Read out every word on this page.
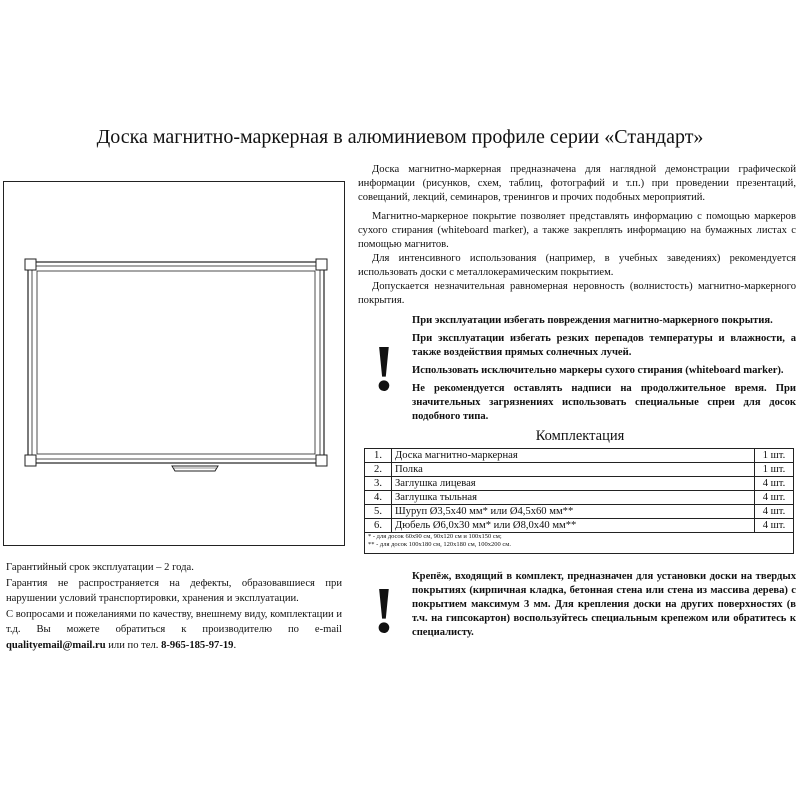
Доска магнитно-маркерная в алюминиевом профиле серии «Стандарт»

Доска магнитно-маркерная предназначена для наглядной демонстрации графической информации (рисунков, схем, таблиц, фотографий и т.п.) при проведении презентаций, совещаний, лекций, семинаров, тренингов и прочих подобных мероприятий.

Магнитно-маркерное покрытие позволяет представлять информацию с помощью маркеров сухого стирания (whiteboard marker), а также закреплять информацию на бумажных листах с помощью магнитов.

Для интенсивного использования (например, в учебных заведениях) рекомендуется использовать доски с металлокерамическим покрытием.

Допускается незначительная равномерная неровность (волнистость) магнитно-маркерного покрытия.

!

При эксплуатации избегать повреждения магнитно-маркерного покрытия.

При эксплуатации избегать резких перепадов температуры и влажности, а также воздействия прямых солнечных лучей.

Использовать исключительно маркеры сухого стирания (whiteboard marker).

Не рекомендуется оставлять надписи на продолжительное время. При значительных загрязнениях использовать специальные спреи для досок подобного типа.

Комплектация
1.	Доска магнитно-маркерная	1 шт.
2.	Полка	1 шт.
3.	Заглушка лицевая	4 шт.
4.	Заглушка тыльная	4 шт.
5.	Шуруп Ø3,5х40 мм* или Ø4,5х60 мм**	4 шт.
6.	Дюбель Ø6,0х30 мм* или Ø8,0х40 мм**	4 шт.
* - для досок 60х90 см, 90х120 см и 100х150 см;
** - для досок 100х180 см, 120х180 см, 100х200 см.

Гарантийный срок эксплуатации – 2 года.

Гарантия не распространяется на дефекты, образовавшиеся при нарушении условий транспортировки, хранения и эксплуатации.

С вопросами и пожеланиями по качеству, внешнему виду, комплектации и т.д. Вы можете обратиться к производителю по e-mail qualityemail@mail.ru или по тел. 8-965-185-97-19.	! Крепёж, входящий в комплект, предназначен для установки доски на твердых покрытиях (кирпичная кладка, бетонная стена или стена из массива дерева) с покрытием максимум 3 мм. Для крепления доски на других поверхностях (в т.ч. на гипсокартон) воспользуйтесь специальным крепежом или обратитесь к специалисту.
